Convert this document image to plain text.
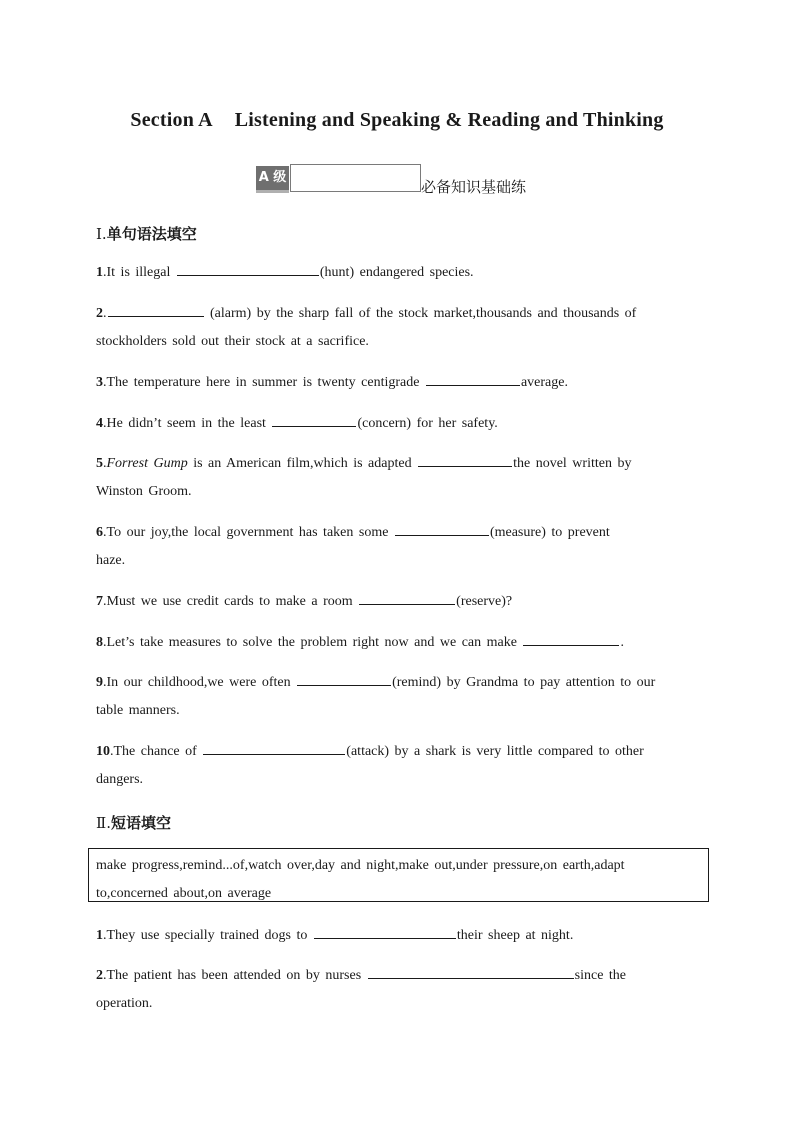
Section A Listening and Speaking & Reading and Thinking
A 级
必备知识基础练
Ⅰ.单句语法填空
1.It is illegal	(hunt) endangered species.
2.	(alarm) by the sharp fall of the stock market,thousands and thousands of
stockholders sold out their stock at a sacrifice.
3.The temperature here in summer is twenty centigrade	average.
4.He didn’t seem in the least	(concern) for her safety.
5.Forrest Gump is an American film,which is adapted	the novel written by
Winston Groom.
6.To our joy,the local government has taken some	(measure) to prevent
haze.
7.Must we use credit cards to make a room	(reserve)?
8.Let’s take measures to solve the problem right now and we can make	.
9.In our childhood,we were often	(remind) by Grandma to pay attention to our
table manners.
10.The chance of	(attack) by a shark is very little compared to other
dangers.
Ⅱ.短语填空
make progress,remind...of,watch over,day and night,make out,under pressure,on earth,adapt
to,concerned about,on average
1.They use specially trained dogs to	their sheep at night.
2.The patient has been attended on by nurses	since the
operation.
